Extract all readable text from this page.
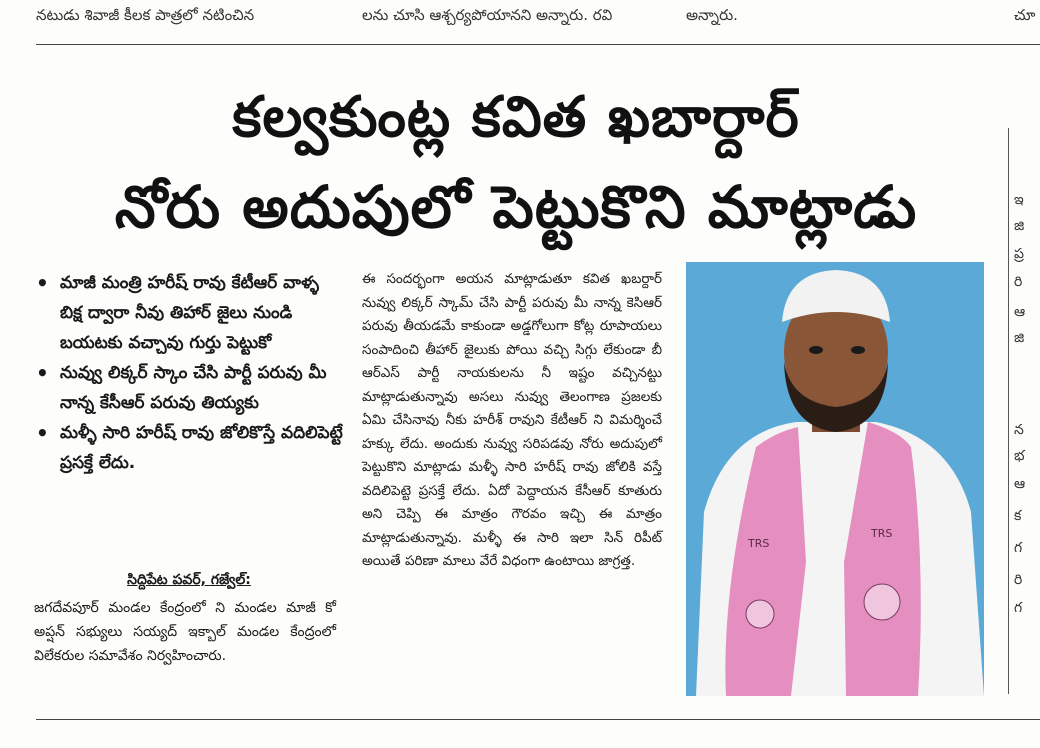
నటుడు శివాజీ కీలక పాత్రలో నటించిన	లను చూసి ఆశ్చర్యపోయానని అన్నారు. రవి	అన్నారు.	చూ
కల్వకుంట్ల కవిత ఖబార్దార్
నోరు అదుపులో పెట్టుకొని మాట్లాడు
• మాజీ మంత్రి హరీష్ రావు కేటీఆర్ వాళ్ళ బిక్ష ద్వారా నీవు తిహార్ జైలు నుండి బయటకు వచ్చావు గుర్తు పెట్టుకో
• నువ్వు లిక్కర్ స్కాం చేసి పార్టీ పరువు మీ నాన్న కేసీఆర్ పరువు తియ్యకు
• మళ్ళీ సారి హరీష్ రావు జోలికొస్తే వదిలిపెట్టే ప్రసక్తే లేదు.
సిద్దిపేట పవర్, గజ్వేల్:
జగదేవపూర్ మండల కేంద్రంలో ని మండల మాజీ కో అప్షన్ సభ్యులు సయ్యద్ ఇక్బాల్ మండల కేంద్రంలో విలేకరుల సమావేశం నిర్వహించారు.
ఈ సందర్భంగా అయన మాట్లాడుతూ కవిత ఖబర్దార్ నువ్వు లిక్కర్ స్కామ్ చేసి పార్టీ పరువు మీ నాన్న కెసిఆర్ పరువు తీయడమే కాకుండా అడ్డగోలుగా కోట్ల రూపాయలు సంపాదించి తీహార్ జైలుకు పోయి వచ్చి సిగ్గు లేకుండా బీ ఆర్ఎస్ పార్టీ నాయకులను నీ ఇష్టం వచ్చినట్టు మాట్లాడుతున్నావు అసలు నువ్వు తెలంగాణ ప్రజలకు ఏమి చేసినావు నీకు హరీశ్ రావుని కేటీఆర్ ని విమర్శించే హక్కు లేదు. అందుకు నువ్వు సరిపడవు నోరు అదుపులో పెట్టుకొని మాట్లాడు మళ్ళీ సారి హరీష్ రావు జోలికి వస్తే వదిలిపెట్టె ప్రసక్తే లేదు. ఏదో పెద్దాయన కేసీఆర్ కూతురు అని చెప్పి ఈ మాత్రం గౌరవం ఇచ్చి ఈ మాత్రం మాట్లాడుతున్నావు. మళ్ళీ ఈ సారి ఇలా సిన్ రిపీట్ అయితే పరిణా మాలు వేరే విధంగా ఉంటాయి జాగ్రత్త.
TRS
TRS
ఇ
జి
ప్ర
రి
ఆ
జి
న
భ
ఆ
క
గ
రి
గ
